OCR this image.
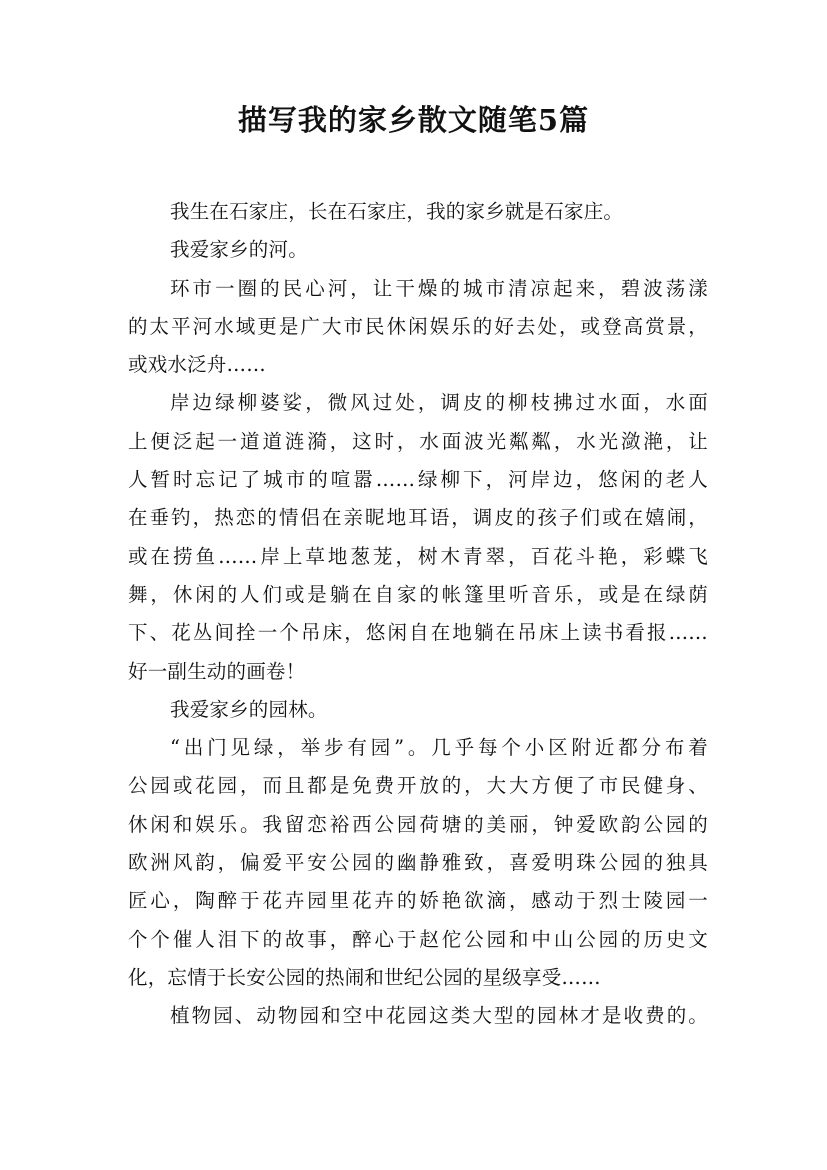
描写我的家乡散文随笔5篇
我生在石家庄，长在石家庄，我的家乡就是石家庄。
我爱家乡的河。
环市一圈的民心河，让干燥的城市清凉起来，碧波荡漾
的太平河水域更是广大市民休闲娱乐的好去处，或登高赏景，
或戏水泛舟……
岸边绿柳婆娑，微风过处，调皮的柳枝拂过水面，水面
上便泛起一道道涟漪，这时，水面波光粼粼，水光潋滟，让
人暂时忘记了城市的喧嚣……绿柳下，河岸边，悠闲的老人
在垂钓，热恋的情侣在亲昵地耳语，调皮的孩子们或在嬉闹，
或在捞鱼……岸上草地葱茏，树木青翠，百花斗艳，彩蝶飞
舞，休闲的人们或是躺在自家的帐篷里听音乐，或是在绿荫
下、花丛间拴一个吊床，悠闲自在地躺在吊床上读书看报……
好一副生动的画卷！
我爱家乡的园林。
“出门见绿，举步有园”。几乎每个小区附近都分布着
公园或花园，而且都是免费开放的，大大方便了市民健身、
休闲和娱乐。我留恋裕西公园荷塘的美丽，钟爱欧韵公园的
欧洲风韵，偏爱平安公园的幽静雅致，喜爱明珠公园的独具
匠心，陶醉于花卉园里花卉的娇艳欲滴，感动于烈士陵园一
个个催人泪下的故事，醉心于赵佗公园和中山公园的历史文
化，忘情于长安公园的热闹和世纪公园的星级享受……
植物园、动物园和空中花园这类大型的园林才是收费的。
